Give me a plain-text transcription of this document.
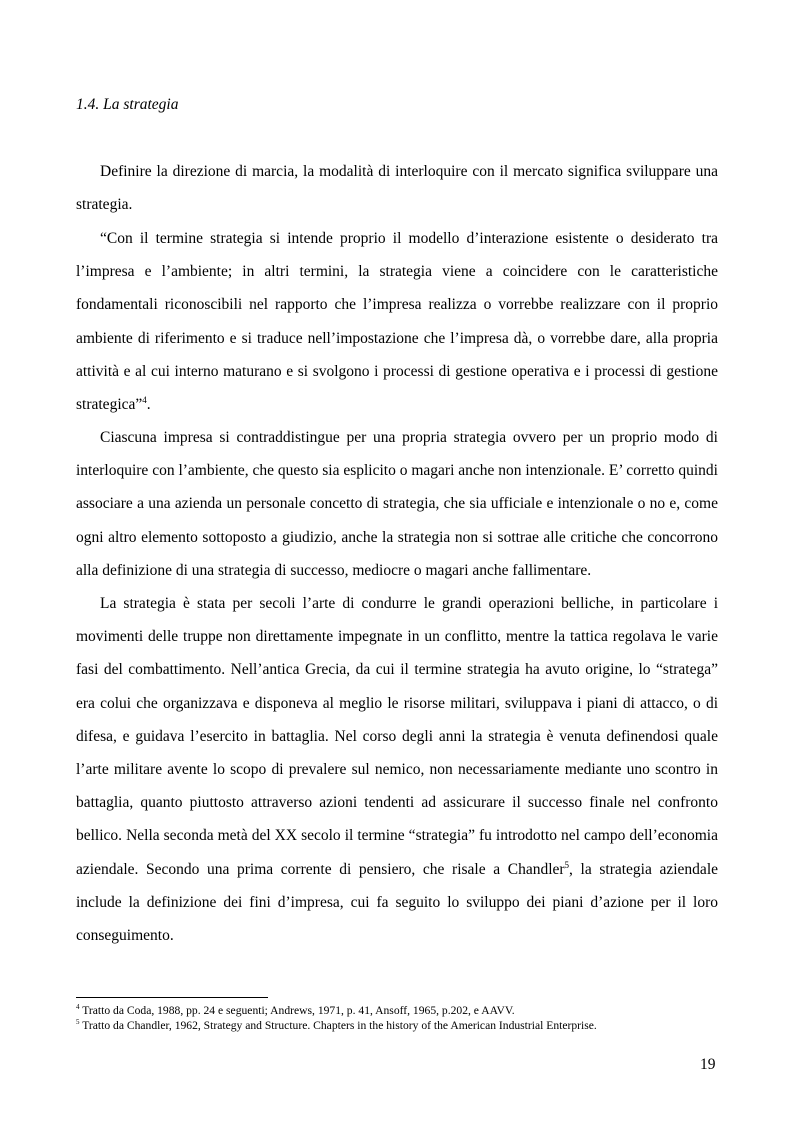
1.4. La strategia

Definire la direzione di marcia, la modalità di interloquire con il mercato significa sviluppare una strategia.

“Con il termine strategia si intende proprio il modello d’interazione esistente o desiderato tra l’impresa e l’ambiente; in altri termini, la strategia viene a coincidere con le caratteristiche fondamentali riconoscibili nel rapporto che l’impresa realizza o vorrebbe realizzare con il proprio ambiente di riferimento e si traduce nell’impostazione che l’impresa dà, o vorrebbe dare, alla propria attività e al cui interno maturano e si svolgono i processi di gestione operativa e i processi di gestione strategica”$^4$.

Ciascuna impresa si contraddistingue per una propria strategia ovvero per un proprio modo di interloquire con l’ambiente, che questo sia esplicito o magari anche non intenzionale. E’ corretto quindi associare a una azienda un personale concetto di strategia, che sia ufficiale e intenzionale o no e, come ogni altro elemento sottoposto a giudizio, anche la strategia non si sottrae alle critiche che concorrono alla definizione di una strategia di successo, mediocre o magari anche fallimentare.

La strategia è stata per secoli l’arte di condurre le grandi operazioni belliche, in particolare i movimenti delle truppe non direttamente impegnate in un conflitto, mentre la tattica regolava le varie fasi del combattimento. Nell’antica Grecia, da cui il termine strategia ha avuto origine, lo “stratega” era colui che organizzava e disponeva al meglio le risorse militari, sviluppava i piani di attacco, o di difesa, e guidava l’esercito in battaglia. Nel corso degli anni la strategia è venuta definendosi quale l’arte militare avente lo scopo di prevalere sul nemico, non necessariamente mediante uno scontro in battaglia, quanto piuttosto attraverso azioni tendenti ad assicurare il successo finale nel confronto bellico. Nella seconda metà del XX secolo il termine “strategia” fu introdotto nel campo dell’economia aziendale. Secondo una prima corrente di pensiero, che risale a Chandler$^5$, la strategia aziendale include la definizione dei fini d’impresa, cui fa seguito lo sviluppo dei piani d’azione per il loro conseguimento.

$^4$ Tratto da Coda, 1988, pp. 24 e seguenti; Andrews, 1971, p. 41, Ansoff, 1965, p.202, e AAVV.
$^5$ Tratto da Chandler, 1962, Strategy and Structure. Chapters in the history of the American Industrial Enterprise.
19
